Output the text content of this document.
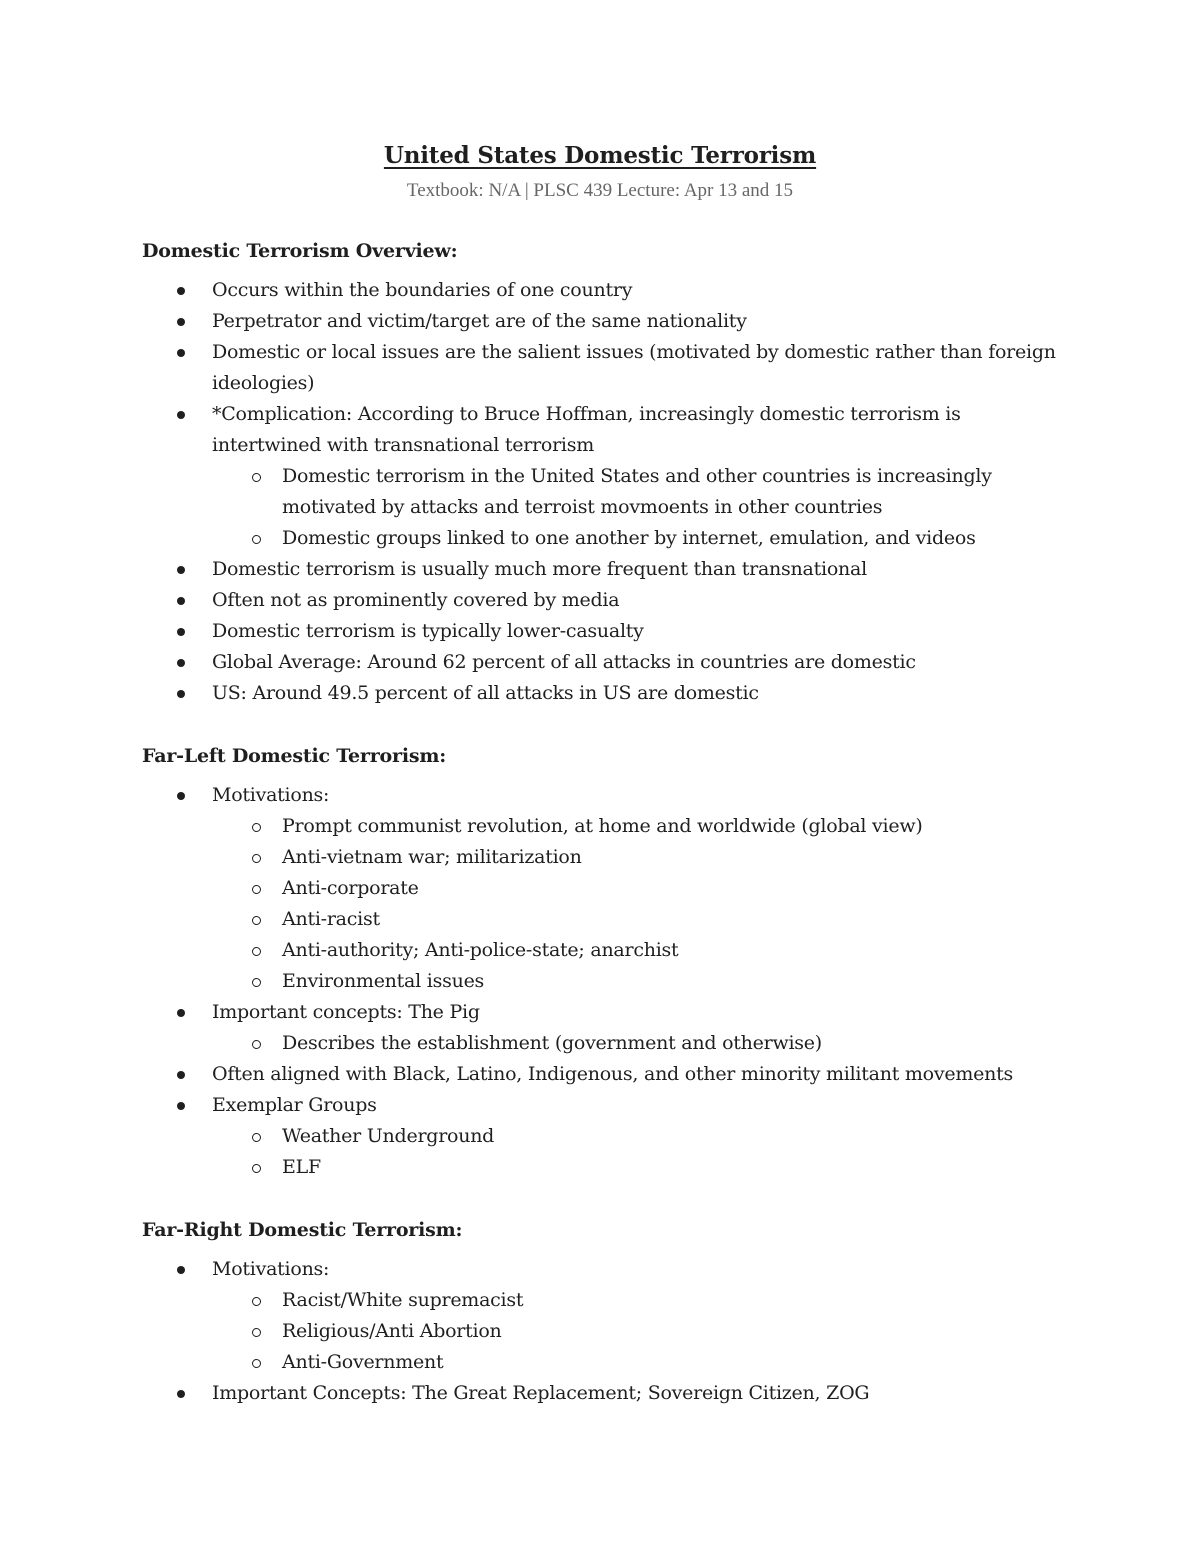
United States Domestic Terrorism
Textbook: N/A | PLSC 439 Lecture: Apr 13 and 15
Domestic Terrorism Overview:
Occurs within the boundaries of one country
Perpetrator and victim/target are of the same nationality
Domestic or local issues are the salient issues (motivated by domestic rather than foreign ideologies)
*Complication: According to Bruce Hoffman, increasingly domestic terrorism is intertwined with transnational terrorism
Domestic terrorism in the United States and other countries is increasingly motivated by attacks and terroist movmoents in other countries
Domestic groups linked to one another by internet, emulation, and videos
Domestic terrorism is usually much more frequent than transnational
Often not as prominently covered by media
Domestic terrorism is typically lower-casualty
Global Average: Around 62 percent of all attacks in countries are domestic
US: Around 49.5 percent of all attacks in US are domestic
Far-Left Domestic Terrorism:
Motivations:
Prompt communist revolution, at home and worldwide (global view)
Anti-vietnam war; militarization
Anti-corporate
Anti-racist
Anti-authority; Anti-police-state; anarchist
Environmental issues
Important concepts: The Pig
Describes the establishment (government and otherwise)
Often aligned with Black, Latino, Indigenous, and other minority militant movements
Exemplar Groups
Weather Underground
ELF
Far-Right Domestic Terrorism:
Motivations:
Racist/White supremacist
Religious/Anti Abortion
Anti-Government
Important Concepts: The Great Replacement; Sovereign Citizen, ZOG
